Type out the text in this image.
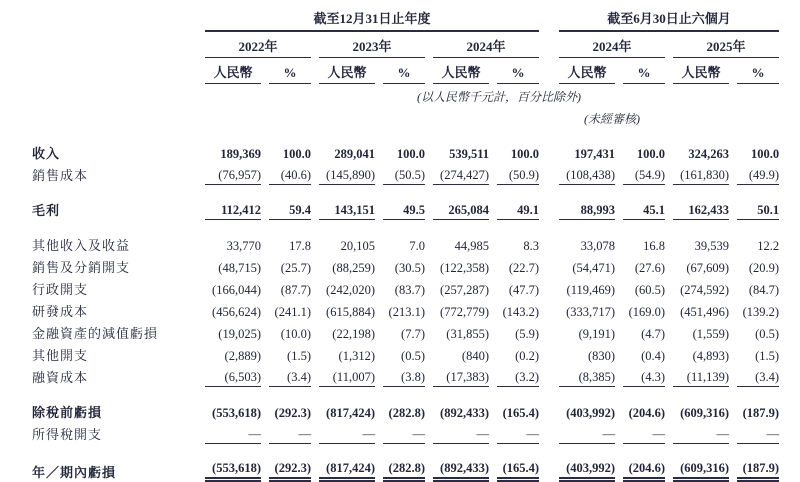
	截至12月31日止年度							截至6月30日止六個月			
	2022年		2023年		2024年			2024年		2025年	
	人民幣	%	人民幣	%	人民幣	%		人民幣	%	人民幣	%
				(以人民幣千元計，百分比除外)							
								(未經審核)			
收入	189,369	100.0	289,041	100.0	539,511	100.0		197,431	100.0	324,263	100.0
銷售成本	(76,957)	(40.6)	(145,890)	(50.5)	(274,427)	(50.9)		(108,438)	(54.9)	(161,830)	(49.9)
毛利	112,412	59.4	143,151	49.5	265,084	49.1		88,993	45.1	162,433	50.1
其他收入及收益	33,770	17.8	20,105	7.0	44,985	8.3		33,078	16.8	39,539	12.2
銷售及分銷開支	(48,715)	(25.7)	(88,259)	(30.5)	(122,358)	(22.7)		(54,471)	(27.6)	(67,609)	(20.9)
行政開支	(166,044)	(87.7)	(242,020)	(83.7)	(257,287)	(47.7)		(119,469)	(60.5)	(274,592)	(84.7)
研發成本	(456,624)	(241.1)	(615,884)	(213.1)	(772,779)	(143.2)		(333,717)	(169.0)	(451,496)	(139.2)
金融資產的減值虧損	(19,025)	(10.0)	(22,198)	(7.7)	(31,855)	(5.9)		(9,191)	(4.7)	(1,559)	(0.5)
其他開支	(2,889)	(1.5)	(1,312)	(0.5)	(840)	(0.2)		(830)	(0.4)	(4,893)	(1.5)
融資成本	(6,503)	(3.4)	(11,007)	(3.8)	(17,383)	(3.2)		(8,385)	(4.3)	(11,139)	(3.4)
除稅前虧損	(553,618)	(292.3)	(817,424)	(282.8)	(892,433)	(165.4)		(403,992)	(204.6)	(609,316)	(187.9)
所得稅開支	—	—	—	—	—	—		—	—	—	—
年／期內虧損	(553,618)	(292.3)	(817,424)	(282.8)	(892,433)	(165.4)		(403,992)	(204.6)	(609,316)	(187.9)
